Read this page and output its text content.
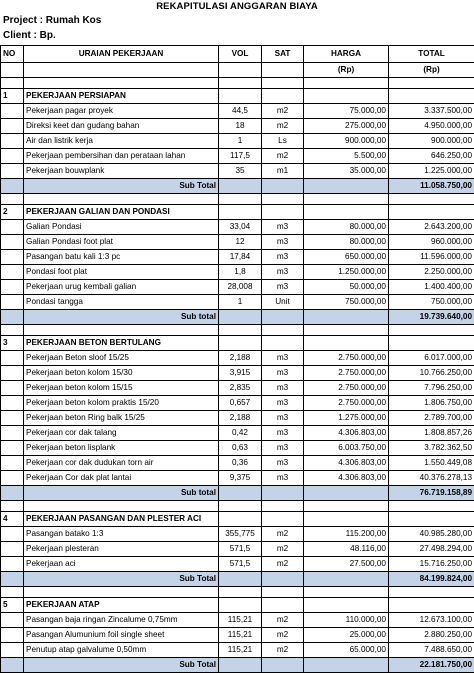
REKAPITULASI ANGGARAN BIAYA
Project : Rumah Kos
Client : Bp.
NO	URAIAN PEKERJAAN	VOL	SAT	HARGA	TOTAL
				(Rp)	(Rp)

1	PEKERJAAN PERSIAPAN				
	Pekerjaan pagar proyek	44,5	m2	75.000,00	3.337.500,00
	Direksi keet dan gudang bahan	18	m2	275.000,00	4.950.000,00
	Air dan listrik kerja	1	Ls	900.000,00	900.000,00
	Pekerjaan pembersihan dan perataan lahan	117,5	m2	5.500,00	646.250,00
	Pekerjaan bouwplank	35	m1	35.000,00	1.225.000,00
	Sub Total				11.058.750,00

2	PEKERJAAN GALIAN DAN PONDASI				
	Galian Pondasi	33,04	m3	80.000,00	2.643.200,00
	Galian Pondasi foot plat	12	m3	80.000,00	960.000,00
	Pasangan batu kali 1:3 pc	17,84	m3	650.000,00	11.596.000,00
	Pondasi foot plat	1,8	m3	1.250.000,00	2.250.000,00
	Pekerjaan urug kembali galian	28,008	m3	50.000,00	1.400.400,00
	Pondasi tangga	1	Unit	750.000,00	750.000,00
	Sub total				19.739.640,00

3	PEKERJAAN BETON BERTULANG				
	Pekerjaan Beton sloof 15/25	2,188	m3	2.750.000,00	6.017.000,00
	Pekerjaan beton kolom 15/30	3,915	m3	2.750.000,00	10.766.250,00
	Pekerjaan beton kolom 15/15	2,835	m3	2.750.000,00	7.796.250,00
	Pekerjaan beton kolom praktis 15/20	0,657	m3	2.750.000,00	1.806.750,00
	Pekerjaan beton Ring balk 15/25	2,188	m3	1.275.000,00	2.789.700,00
	Pekerjaan cor dak talang	0,42	m3	4.306.803,00	1.808.857,26
	Pekerjaan beton lisplank	0,63	m3	6.003.750,00	3.782.362,50
	Pekerjaan cor dak dudukan torn air	0,36	m3	4.306.803,00	1.550.449,08
	Pekerjaan Cor dak plat lantai	9,375	m3	4.306.803,00	40.376.278,13
	Sub total				76.719.158,89

4	PEKERJAAN PASANGAN DAN PLESTER ACI				
	Pasangan batako 1:3	355,775	m2	115.200,00	40.985.280,00
	Pekerjaan plesteran	571,5	m2	48.116,00	27.498.294,00
	Pekerjaan aci	571,5	m2	27.500,00	15.716.250,00
	Sub Total				84.199.824,00

5	PEKERJAAN ATAP				
	Pasangan baja ringan Zincalume 0,75mm	115,21	m2	110.000,00	12.673.100,00
	Pasangan Alumunium foil single sheet	115,21	m2	25.000,00	2.880.250,00
	Penutup atap galvalume 0,50mm	115,21	m2	65.000,00	7.488.650,00
	Sub Total				22.181.750,00
